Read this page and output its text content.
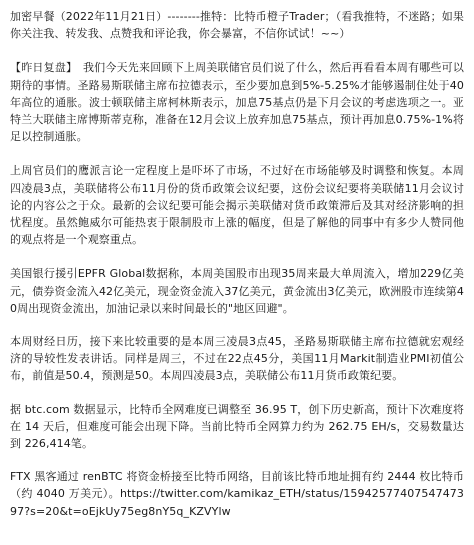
加密早餐（2022年11月21日）--------推特：比特币橙子Trader；（看我推特，不迷路；如果你关注我、转发我、点赞我和评论我，你会暴富，不信你试试！~~）

【昨日复盘】　我们今天先来回顾下上周美联储官员们说了什么，然后再看看本周有哪些可以期待的事情。圣路易斯联储主席布拉德表示，至少要加息到5%-5.25%才能够遏制住处于40年高位的通胀。波士顿联储主席柯林斯表示，加息75基点仍是下月会议的考虑选项之一。亚特兰大联储主席博斯蒂克称，准备在12月会议上放弃加息75基点，预计再加息0.75%-1%将足以控制通胀。

上周官员们的鹰派言论一定程度上是吓坏了市场，不过好在市场能够及时调整和恢复。本周四凌晨3点，美联储将公布11月份的货币政策会议纪要，这份会议纪要将美联储11月会议讨论的内容公之于众。最新的会议纪要可能会揭示美联储对货币政策滞后及其对经济影响的担忧程度。虽然鲍威尔可能热衷于限制股市上涨的幅度，但是了解他的同事中有多少人赞同他的观点将是一个观察重点。

美国银行援引EPFR Global数据称，本周美国股市出现35周来最大单周流入，增加229亿美元，债券资金流入42亿美元，现金资金流入37亿美元，黄金流出3亿美元，欧洲股市连续第40周出现资金流出，加油记录以来时间最长的"地区回避"。

本周财经日历，接下来比较重要的是本周三凌晨3点45，圣路易斯联储主席布拉德就宏观经济的导较性发表讲话。同样是周三，不过在22点45分，美国11月Markit制造业PMI初值公布，前值是50.4，预测是50。本周四凌晨3点，美联储公布11月货币政策纪要。

据 btc.com 数据显示，比特币全网难度已调整至 36.95 T，创下历史新高，预计下次难度将在 14 天后，但难度可能会出现下降。当前比特币全网算力约为 262.75 EH/s，交易数量达到 226,414笔。

FTX 黑客通过 renBTC 将资金桥接至比特币网络，目前该比特币地址拥有约 2444 枚比特币（约 4040 万美元）。https://twitter.com/kamikaz_ETH/status/1594257740754747397?s=20&t=oEjkUy75eg8nY5q_KZVYlw
